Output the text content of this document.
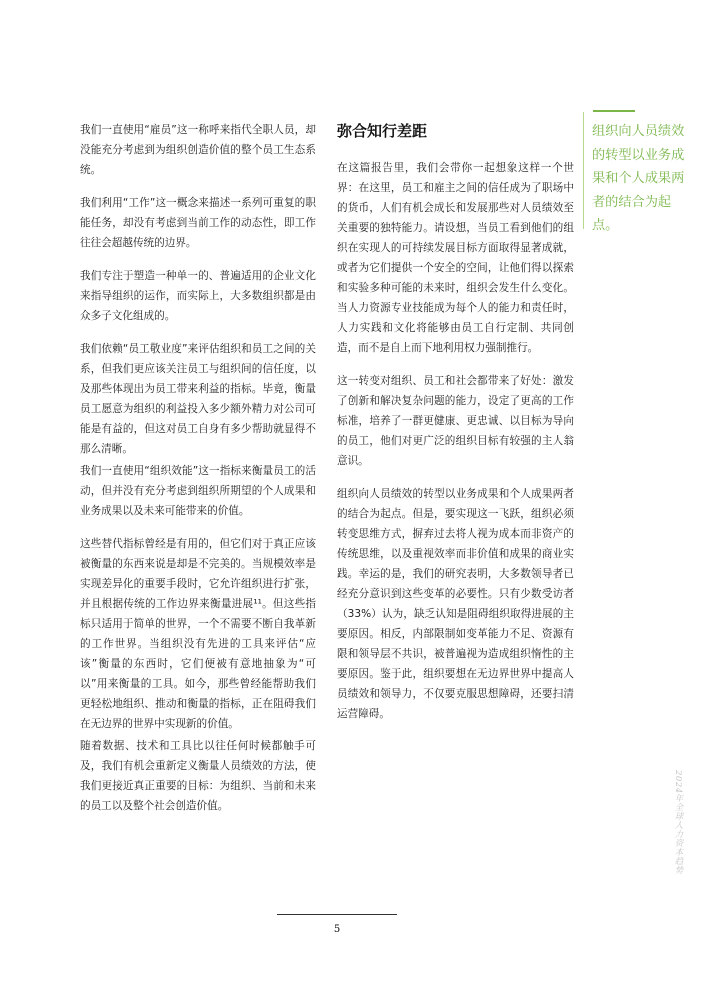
我们一直使用“雇员”这一称呼来指代全职人员，却没能充分考虑到为组织创造价值的整个员工生态系统。

我们利用“工作”这一概念来描述一系列可重复的职能任务，却没有考虑到当前工作的动态性，即工作往往会超越传统的边界。

我们专注于塑造一种单一的、普遍适用的企业文化来指导组织的运作，而实际上，大多数组织都是由众多子文化组成的。

我们依赖“员工敬业度”来评估组织和员工之间的关系，但我们更应该关注员工与组织间的信任度，以及那些体现出为员工带来利益的指标。毕竟，衡量员工愿意为组织的利益投入多少额外精力对公司可能是有益的，但这对员工自身有多少帮助就显得不那么清晰。

我们一直使用“组织效能”这一指标来衡量员工的活动，但并没有充分考虑到组织所期望的个人成果和业务成果以及未来可能带来的价值。

这些替代指标曾经是有用的，但它们对于真正应该被衡量的东西来说是却是不完美的。当规模效率是实现差异化的重要手段时，它允许组织进行扩张，并且根据传统的工作边界来衡量进展¹¹。但这些指标只适用于简单的世界，一个不需要不断自我革新的工作世界。当组织没有先进的工具来评估“应该”衡量的东西时，它们便被有意地抽象为“可以”用来衡量的工具。如今，那些曾经能帮助我们更轻松地组织、推动和衡量的指标，正在阻碍我们在无边界的世界中实现新的价值。

随着数据、技术和工具比以往任何时候都触手可及，我们有机会重新定义衡量人员绩效的方法，使我们更接近真正重要的目标：为组织、当前和未来的员工以及整个社会创造价值。

弥合知行差距

在这篇报告里，我们会带你一起想象这样一个世界：在这里，员工和雇主之间的信任成为了职场中的货币，人们有机会成长和发展那些对人员绩效至关重要的独特能力。请设想，当员工看到他们的组织在实现人的可持续发展目标方面取得显著成就，或者为它们提供一个安全的空间，让他们得以探索和实验多种可能的未来时，组织会发生什么变化。当人力资源专业技能成为每个人的能力和责任时，人力实践和文化将能够由员工自行定制、共同创造，而不是自上而下地利用权力强制推行。

这一转变对组织、员工和社会都带来了好处：激发了创新和解决复杂问题的能力，设定了更高的工作标准，培养了一群更健康、更忠诚、以目标为导向的员工，他们对更广泛的组织目标有较强的主人翁意识。

组织向人员绩效的转型以业务成果和个人成果两者的结合为起点。但是，要实现这一飞跃，组织必须转变思维方式，摒弃过去将人视为成本而非资产的传统思维，以及重视效率而非价值和成果的商业实践。幸运的是，我们的研究表明，大多数领导者已经充分意识到这些变革的必要性。只有少数受访者（33%）认为，缺乏认知是阻碍组织取得进展的主要原因。相反，内部限制如变革能力不足、资源有限和领导层不共识，被普遍视为造成组织惰性的主要原因。鉴于此，组织要想在无边界世界中提高人员绩效和领导力，不仅要克服思想障碍，还要扫清运营障碍。

组织向人员绩效的转型以业务成果和个人成果两者的结合为起点。
2024年全球人力资本趋势
5
